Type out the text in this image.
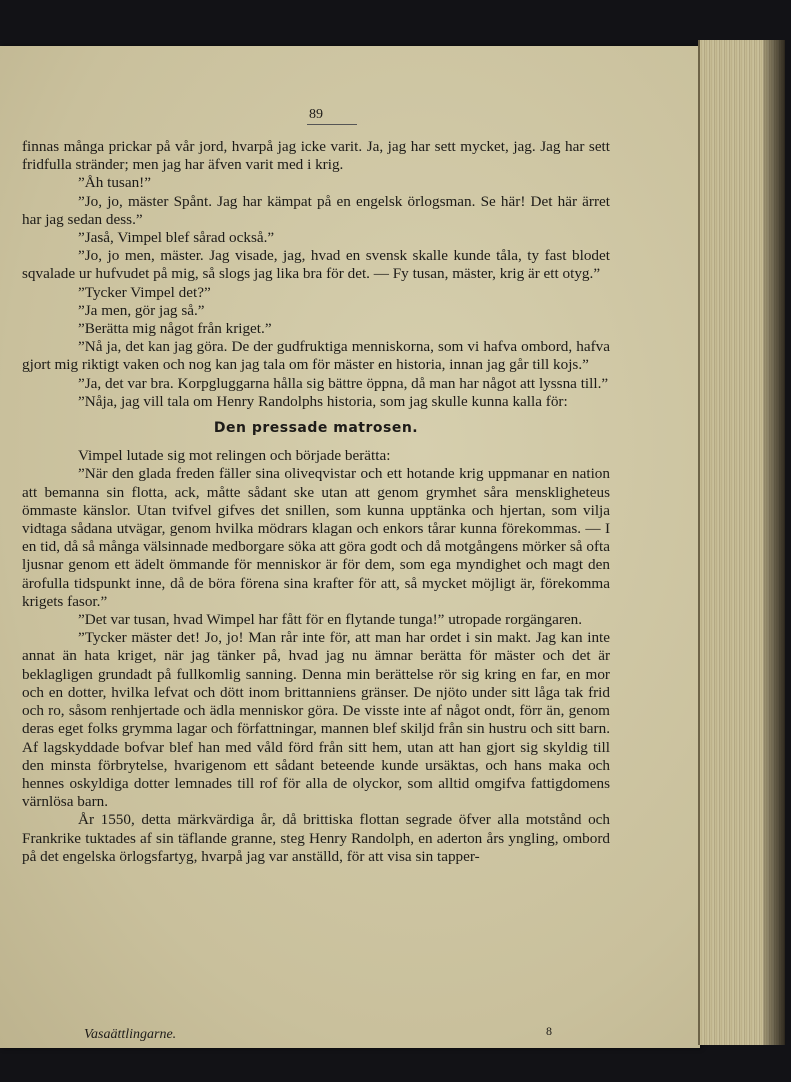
89

finnas många prickar på vår jord, hvarpå jag icke varit. Ja, jag har sett mycket, jag. Jag har sett fridfulla stränder; men jag har äfven varit med i krig.

”Åh tusan!”

”Jo, jo, mäster Spånt. Jag har kämpat på en engelsk örlogsman. Se här! Det här ärret har jag sedan dess.”

”Jaså, Vimpel blef sårad också.”

”Jo, jo men, mäster. Jag visade, jag, hvad en svensk skalle kunde tåla, ty fast blodet sqvalade ur hufvudet på mig, så slogs jag lika bra för det. — Fy tusan, mäster, krig är ett otyg.”

”Tycker Vimpel det?”

”Ja men, gör jag så.”

”Berätta mig något från kriget.”

”Nå ja, det kan jag göra. De der gudfruktiga menniskorna, som vi hafva ombord, hafva gjort mig riktigt vaken och nog kan jag tala om för mäster en historia, innan jag går till kojs.”

”Ja, det var bra. Korpgluggarna hålla sig bättre öppna, då man har något att lyssna till.”

”Nåja, jag vill tala om Henry Randolphs historia, som jag skulle kunna kalla för:

Den pressade matrosen.

Vimpel lutade sig mot relingen och började berätta:

”När den glada freden fäller sina oliveqvistar och ett hotande krig uppmanar en nation att bemanna sin flotta, ack, måtte sådant ske utan att genom grymhet såra menskligheteus ömmaste känslor. Utan tvifvel gifves det snillen, som kunna upptänka och hjertan, som vilja vidtaga sådana utvägar, genom hvilka mödrars klagan och enkors tårar kunna förekommas. — I en tid, då så många välsinnade medborgare söka att göra godt och då motgångens mörker så ofta ljusnar genom ett ädelt ömmande för menniskor är för dem, som ega myndighet och magt den ärofulla tidspunkt inne, då de böra förena sina krafter för att, så mycket möjligt är, förekomma krigets fasor.”

”Det var tusan, hvad Wimpel har fått för en flytande tunga!” utropade rorgängaren.

”Tycker mäster det! Jo, jo! Man rår inte för, att man har ordet i sin makt. Jag kan inte annat än hata kriget, när jag tänker på, hvad jag nu ämnar berätta för mäster och det är beklagligen grundadt på fullkomlig sanning. Denna min berättelse rör sig kring en far, en mor och en dotter, hvilka lefvat och dött inom brittanniens gränser. De njöto under sitt låga tak frid och ro, såsom renhjertade och ädla menniskor göra. De visste inte af något ondt, förr än, genom deras eget folks grymma lagar och författningar, mannen blef skiljd från sin hustru och sitt barn. Af lagskyddade bofvar blef han med våld förd från sitt hem, utan att han gjort sig skyldig till den minsta förbrytelse, hvarigenom ett sådant beteende kunde ursäktas, och hans maka och hennes oskyldiga dotter lemnades till rof för alla de olyckor, som alltid omgifva fattigdomens värnlösa barn.

År 1550, detta märkvärdiga år, då brittiska flottan segrade öfver alla motstånd och Frankrike tuktades af sin täflande granne, steg Henry Randolph, en aderton års yngling, ombord på det engelska örlogsfartyg, hvarpå jag var anställd, för att visa sin tapper-

Vasaättlingarne.	8
